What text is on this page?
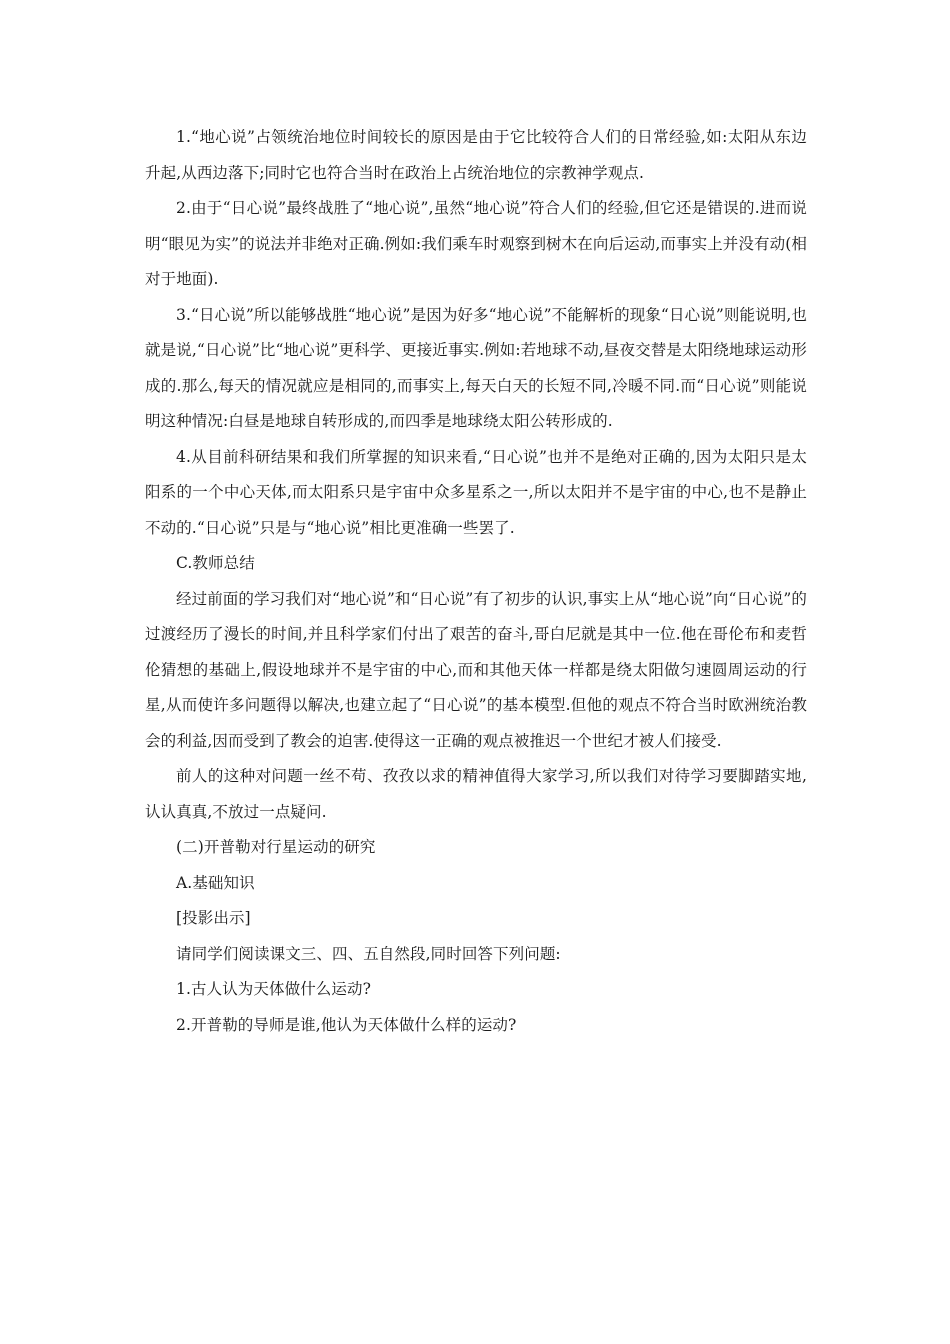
1.“地心说”占领统治地位时间较长的原因是由于它比较符合人们的日常经验,如:太阳从东边升起,从西边落下;同时它也符合当时在政治上占统治地位的宗教神学观点.

2.由于“日心说”最终战胜了“地心说”,虽然“地心说”符合人们的经验,但它还是错误的.进而说明“眼见为实”的说法并非绝对正确.例如:我们乘车时观察到树木在向后运动,而事实上并没有动(相对于地面).

3.“日心说”所以能够战胜“地心说”是因为好多“地心说”不能解析的现象“日心说”则能说明,也就是说,“日心说”比“地心说”更科学、更接近事实.例如:若地球不动,昼夜交替是太阳绕地球运动形成的.那么,每天的情况就应是相同的,而事实上,每天白天的长短不同,冷暖不同.而“日心说”则能说明这种情况:白昼是地球自转形成的,而四季是地球绕太阳公转形成的.

4.从目前科研结果和我们所掌握的知识来看,“日心说”也并不是绝对正确的,因为太阳只是太阳系的一个中心天体,而太阳系只是宇宙中众多星系之一,所以太阳并不是宇宙的中心,也不是静止不动的.“日心说”只是与“地心说”相比更准确一些罢了.

C.教师总结

经过前面的学习我们对“地心说”和“日心说”有了初步的认识,事实上从“地心说”向“日心说”的过渡经历了漫长的时间,并且科学家们付出了艰苦的奋斗,哥白尼就是其中一位.他在哥伦布和麦哲伦猜想的基础上,假设地球并不是宇宙的中心,而和其他天体一样都是绕太阳做匀速圆周运动的行星,从而使许多问题得以解决,也建立起了“日心说”的基本模型.但他的观点不符合当时欧洲统治教会的利益,因而受到了教会的迫害.使得这一正确的观点被推迟一个世纪才被人们接受.

前人的这种对问题一丝不苟、孜孜以求的精神值得大家学习,所以我们对待学习要脚踏实地,认认真真,不放过一点疑问.

(二)开普勒对行星运动的研究

A.基础知识

[投影出示]

请同学们阅读课文三、四、五自然段,同时回答下列问题:

1.古人认为天体做什么运动?

2.开普勒的导师是谁,他认为天体做什么样的运动?
